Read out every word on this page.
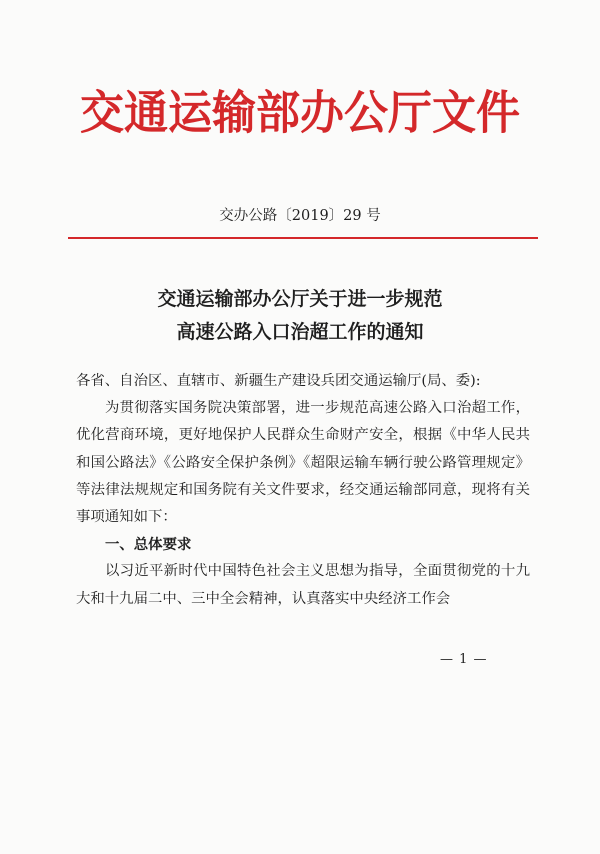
交通运输部办公厅文件
交办公路〔2019〕29 号
交通运输部办公厅关于进一步规范
高速公路入口治超工作的通知

各省、自治区、直辖市、新疆生产建设兵团交通运输厅(局、委):

为贯彻落实国务院决策部署，进一步规范高速公路入口治超工作，优化营商环境，更好地保护人民群众生命财产安全，根据《中华人民共和国公路法》《公路安全保护条例》《超限运输车辆行驶公路管理规定》等法律法规规定和国务院有关文件要求，经交通运输部同意，现将有关事项通知如下：

一、总体要求

以习近平新时代中国特色社会主义思想为指导，全面贯彻党的十九大和十九届二中、三中全会精神，认真落实中央经济工作会

— 1 —
